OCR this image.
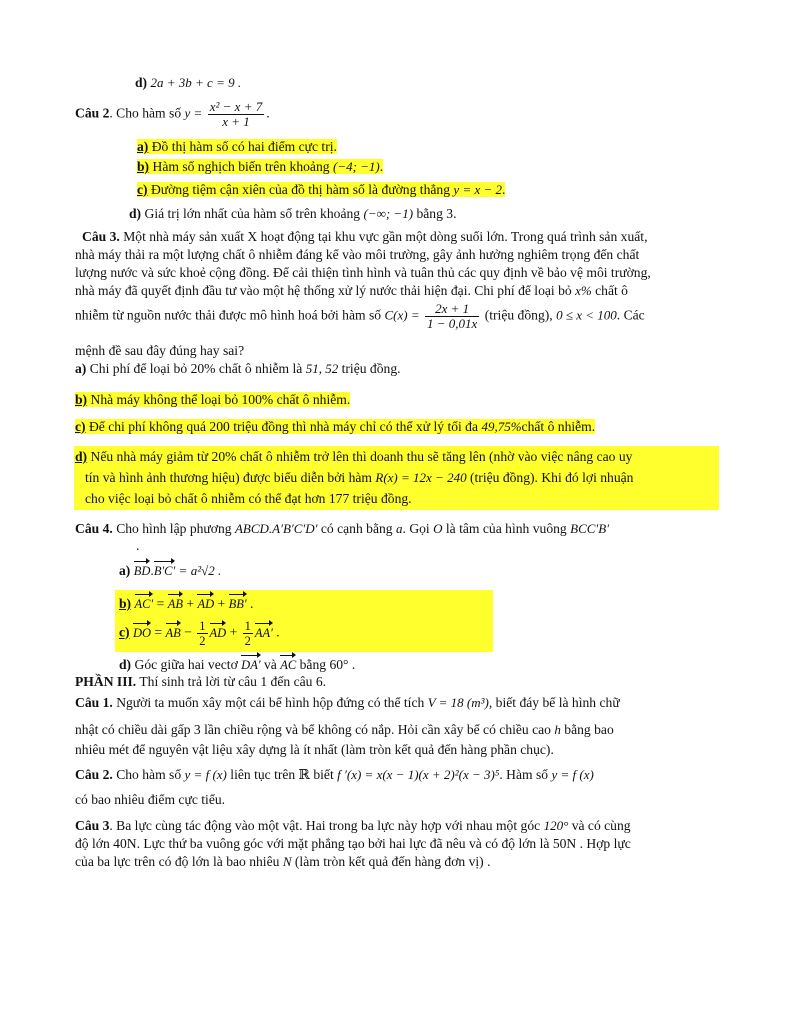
d) 2a + 3b + c = 9 .
Câu 2. Cho hàm số $y = \frac{\text{x² − x + 7}}{x + 1}$ .
a) Đồ thị hàm số có hai điểm cực trị.
b) Hàm số nghịch biến trên khoảng (−4; −1).
c) Đường tiệm cận xiên của đồ thị hàm số là đường thẳng y = x − 2.
d) Giá trị lớn nhất của hàm số trên khoảng (−∞; −1) bằng 3.
Câu 3. Một nhà máy sản xuất X hoạt động tại khu vực gần một dòng suối lớn. Trong quá trình sản xuất,
nhà máy thải ra một lượng chất ô nhiễm đáng kể vào môi trường, gây ảnh hưởng nghiêm trọng đến chất
lượng nước và sức khoẻ cộng đồng. Để cải thiện tình hình và tuân thủ các quy định về bảo vệ môi trường,
nhà máy đã quyết định đầu tư vào một hệ thống xử lý nước thải hiện đại. Chi phí để loại bỏ x% chất ô
nhiễm từ nguồn nước thải được mô hình hoá bởi hàm số $C(x) = \frac{2x + 1}{1 - 0,01x}$ (triệu đồng), 0 ≤ x < 100. Các
mệnh đề sau đây đúng hay sai?
a) Chi phí để loại bỏ 20% chất ô nhiễm là 51, 52 triệu đồng.
b) Nhà máy không thể loại bỏ 100% chất ô nhiễm.
c) Để chi phí không quá 200 triệu đồng thì nhà máy chỉ có thể xử lý tối đa 49,75%chất ô nhiễm.
d) Nếu nhà máy giảm từ 20% chất ô nhiễm trở lên thì doanh thu sẽ tăng lên (nhờ vào việc nâng cao uy
tín và hình ảnh thương hiệu) được biểu diễn bởi hàm R(x) = 12x − 240 (triệu đồng). Khi đó lợi nhuận
cho việc loại bỏ chất ô nhiễm có thể đạt hơn 177 triệu đồng.
Câu 4. Cho hình lập phương ABCD.A′B′C′D′ có cạnh bằng a. Gọi O là tâm của hình vuông BCC′B′
.
a) BD.B′C′ = a²√2 .
b) AC′ = AB + AD + BB′ .
c) DO = AB − $\frac{1}{2}$ AD + $\frac{1}{2} AA'$ .
d) Góc giữa hai vectơ DA′ và AC bằng 60° .
PHẦN III. Thí sinh trả lời từ câu 1 đến câu 6.
Câu 1. Người ta muốn xây một cái bể hình hộp đứng có thể tích V = 18 (m³), biết đáy bể là hình chữ
nhật có chiều dài gấp 3 lần chiều rộng và bể không có nắp. Hỏi cần xây bể có chiều cao h bằng bao
nhiêu mét để nguyên vật liệu xây dựng là ít nhất (làm tròn kết quả đến hàng phần chục).
Câu 2. Cho hàm số y = f (x) liên tục trên ℝ biết f ′(x) = x(x − 1)(x + 2)²(x − 3)⁵. Hàm số y = f (x)
có bao nhiêu điểm cực tiểu.
Câu 3. Ba lực cùng tác động vào một vật. Hai trong ba lực này hợp với nhau một góc 120° và có cùng
độ lớn 40N. Lực thứ ba vuông góc với mặt phẳng tạo bởi hai lực đã nêu và có độ lớn là 50N . Hợp lực
của ba lực trên có độ lớn là bao nhiêu N (làm tròn kết quả đến hàng đơn vị) .
